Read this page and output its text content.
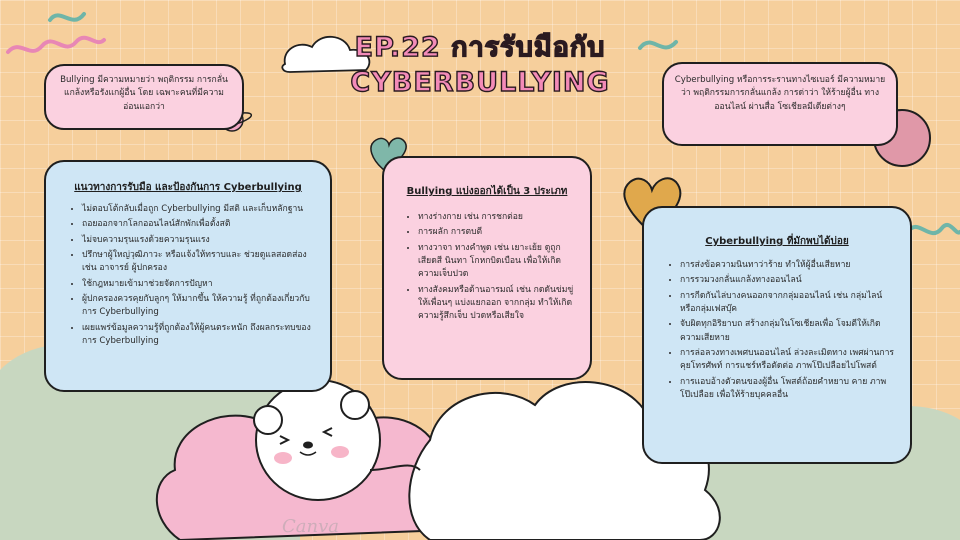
EP.22 การรับมือกับ
CYBERBULLYING
Bullying มีความหมายว่า พฤติกรรม การกลั่นแกล้งหรือรังแกผู้อื่น โดย เฉพาะคนที่มีความอ่อนแอกว่า
Cyberbullying หรือการระรานทางไซเบอร์ มีความหมายว่า พฤติกรรมการกลั่นแกล้ง การด่าว่า ให้ร้ายผู้อื่น ทางออนไลน์ ผ่านสื่อ โซเชียลมีเดียต่างๆ

แนวทางการรับมือ และป้องกันการ Cyberbullying

• ไม่ตอบโต้กลับเมื่อถูก Cyberbullying มีสติ และเก็บหลักฐาน
• ถอยออกจากโลกออนไลน์สักพักเพื่อตั้งสติ
• ไม่จบความรุนแรงด้วยความรุนแรง
• ปรึกษาผู้ใหญ่วุฒิภาวะ หรือแจ้งให้ทราบและ ช่วยดูแลสอดส่อง เช่น อาจารย์ ผู้ปกครอง
• ใช้กฎหมายเข้ามาช่วยจัดการปัญหา
• ผู้ปกครองควรคุยกับลูกๆ ให้มากขึ้น ให้ความรู้ ที่ถูกต้องเกี่ยวกับการ Cyberbullying
• เผยแพร่ข้อมูลความรู้ที่ถูกต้องให้ผู้คนตระหนัก ถึงผลกระทบของการ Cyberbullying

Bullying แบ่งออกได้เป็น 3 ประเภท

• ทางร่างกาย เช่น การชกต่อย
• การผลัก การตบตี
• ทางวาจา ทางคำพูด เช่น เยาะเย้ย ดูถูก เสียดสี นินทา โกหกบิดเบือน เพื่อให้เกิดความเจ็บปวด
• ทางสังคมหรือด้านอารมณ์ เช่น กดดันข่มขู่ให้เพื่อนๆ แบ่งแยกออก จากกลุ่ม ทำให้เกิดความรู้สึกเจ็บ ปวดหรือเสียใจ

Cyberbullying ที่มักพบได้บ่อย

• การส่งข้อความนินทาว่าร้าย ทำให้ผู้อื่นเสียหาย
• การรวมวงกลั่นแกล้งทางออนไลน์
• การกีดกันไล่บางคนออกจากกลุ่มออนไลน์ เช่น กลุ่มไลน์ หรือกลุ่มเฟสบุ๊ค
• จับผิดทุกอิริยาบถ สร้างกลุ่มในโซเชียลเพื่อ โจมตีให้เกิดความเสียหาย
• การล่อลวงทางเพศบนออนไลน์ ล่วงละเมิดทาง เพศผ่านการคุยโทรศัพท์ การแชร์หรือตัดต่อ ภาพโป๊เปลือยไปโพสต์
• การแอบอ้างตัวตนของผู้อื่น โพสต์ถ้อยคำหยาบ คาย ภาพโป๊เปลือย เพื่อให้ร้ายบุคคลอื่น
Canva
